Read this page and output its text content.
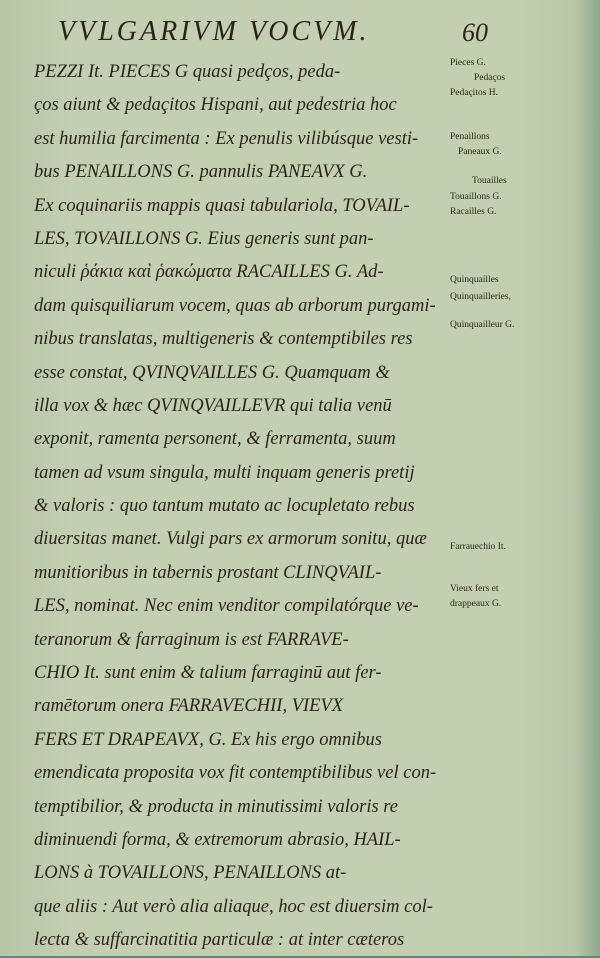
VVLGARIVM VOCVM.	60
PEZZI It. PIECES G quasi pedços, peda-
ços aiunt & pedaçitos Hispani, aut pedestria hoc
est humilia farcimenta : Ex penulis vilibúsque vesti-
bus PENAILLONS G. pannulis PANEAVX G.
Ex coquinariis mappis quasi tabulariola, TOVAIL-
LES, TOVAILLONS G. Eius generis sunt pan-
niculi ῥάκια καὶ ῥακώματα RACAILLES G. Ad-
dam quisquiliarum vocem, quas ab arborum purgami-
nibus translatas, multigeneris & contemptibiles res
esse constat, QVINQVAILLES G. Quamquam &
illa vox & hæc QVINQVAILLEVR qui talia venū
exponit, ramenta personent, & ferramenta, suum
tamen ad vsum singula, multi inquam generis pretij
& valoris : quo tantum mutato ac locupletato rebus
diuersitas manet. Vulgi pars ex armorum sonitu, quæ
munitioribus in tabernis prostant CLINQVAIL-
LES, nominat. Nec enim venditor compilatórque ve-
teranorum & farraginum is est FARRAVE-
CHIO It. sunt enim & talium farraginū aut fer-
ramētorum onera FARRAVECHII, VIEVX
FERS ET DRAPEAVX, G. Ex his ergo omnibus
emendicata proposita vox fit contemptibilibus vel con-
temptibilior, & producta in minutissimi valoris re
diminuendi forma, & extremorum abrasio, HAIL-
LONS à TOVAILLONS, PENAILLONS at-
que aliis : Aut verò alia aliaque, hoc est diuersim col-
lecta & suffarcinatitia particulæ : at inter cæteros
Pieces G.
Pedaços
Pedaçitos H.
Penaillons
Paneaux G.
Touailles
Touaillons G.
Racailles G.
Quinquailles
Quinquailleries,
Quinquailleur G.
Farrauechio It.
Vieux fers et
drappeaux G.
